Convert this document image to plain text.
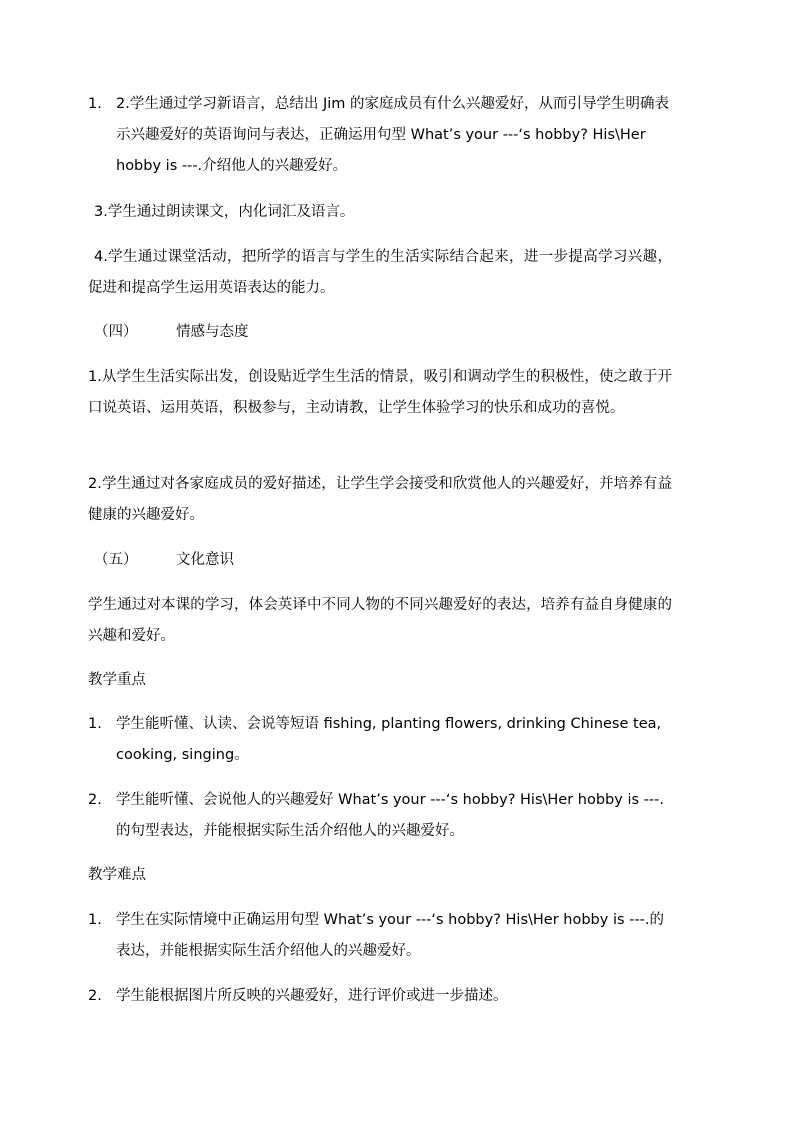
1. 2.学生通过学习新语言，总结出 Jim 的家庭成员有什么兴趣爱好，从而引导学生明确表示兴趣爱好的英语询问与表达，正确运用句型 What’s your ---‘s hobby? His\Her hobby is ---.介绍他人的兴趣爱好。
3.学生通过朗读课文，内化词汇及语言。
4.学生通过课堂活动，把所学的语言与学生的生活实际结合起来，进一步提高学习兴趣，促进和提高学生运用英语表达的能力。
（四）	情感与态度
1.从学生生活实际出发，创设贴近学生生活的情景，吸引和调动学生的积极性，使之敢于开口说英语、运用英语，积极参与，主动请教，让学生体验学习的快乐和成功的喜悦。
2.学生通过对各家庭成员的爱好描述，让学生学会接受和欣赏他人的兴趣爱好，并培养有益健康的兴趣爱好。
（五）	文化意识
学生通过对本课的学习，体会英译中不同人物的不同兴趣爱好的表达，培养有益自身健康的兴趣和爱好。
教学重点
1. 学生能听懂、认读、会说等短语 fishing, planting flowers, drinking Chinese tea, cooking, singing。
2. 学生能听懂、会说他人的兴趣爱好 What’s your ---‘s hobby? His\Her hobby is ---.的句型表达，并能根据实际生活介绍他人的兴趣爱好。
教学难点
1. 学生在实际情境中正确运用句型 What’s your ---‘s hobby? His\Her hobby is ---.的表达，并能根据实际生活介绍他人的兴趣爱好。
2. 学生能根据图片所反映的兴趣爱好，进行评价或进一步描述。
